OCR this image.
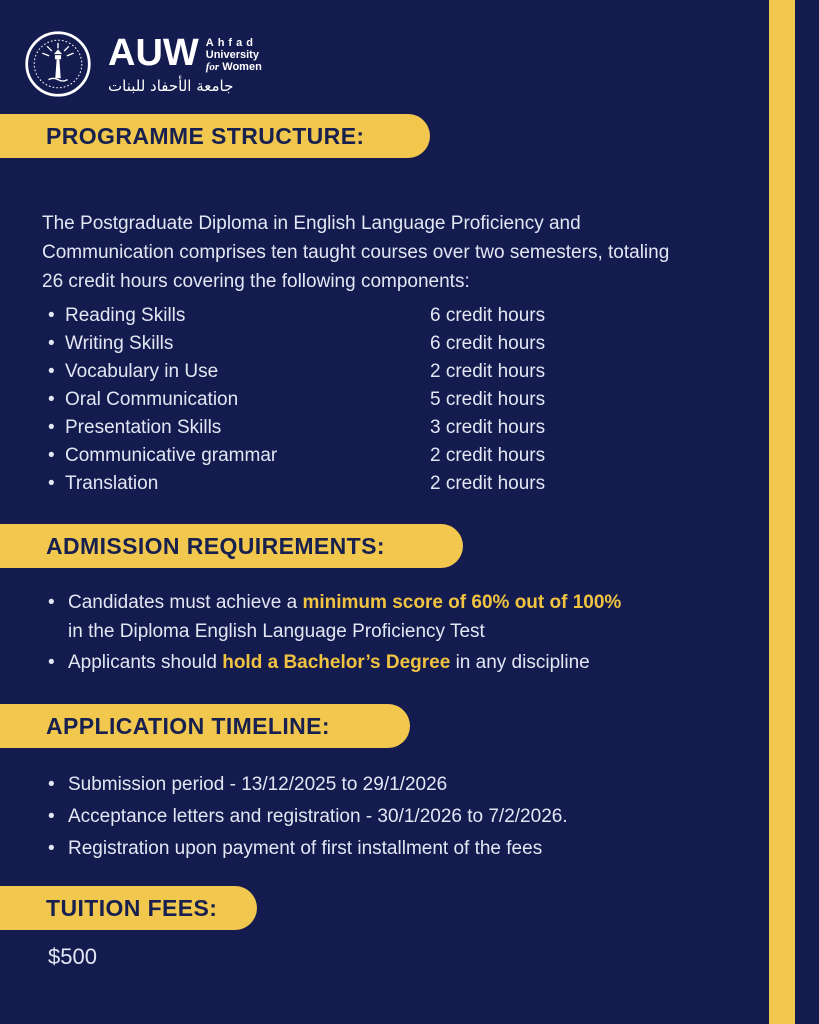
AUW Ahfad
University
for Women
جامعة الأحفاد للبنات
PROGRAMME STRUCTURE:

The Postgraduate Diploma in English Language Proficiency and Communication comprises ten taught courses over two semesters, totaling 26 credit hours covering the following components:

• Reading Skills	6 credit hours
• Writing Skills	6 credit hours
• Vocabulary in Use	2 credit hours
• Oral Communication	5 credit hours
• Presentation Skills	3 credit hours
• Communicative grammar	2 credit hours
• Translation	2 credit hours
ADMISSION REQUIREMENTS:
• Candidates must achieve a minimum score of 60% out of 100% in the Diploma English Language Proficiency Test
• Applicants should hold a Bachelor’s Degree in any discipline
APPLICATION TIMELINE:
• Submission period - 13/12/2025 to 29/1/2026
• Acceptance letters and registration - 30/1/2026 to 7/2/2026.
• Registration upon payment of first installment of the fees
TUITION FEES:
$500
